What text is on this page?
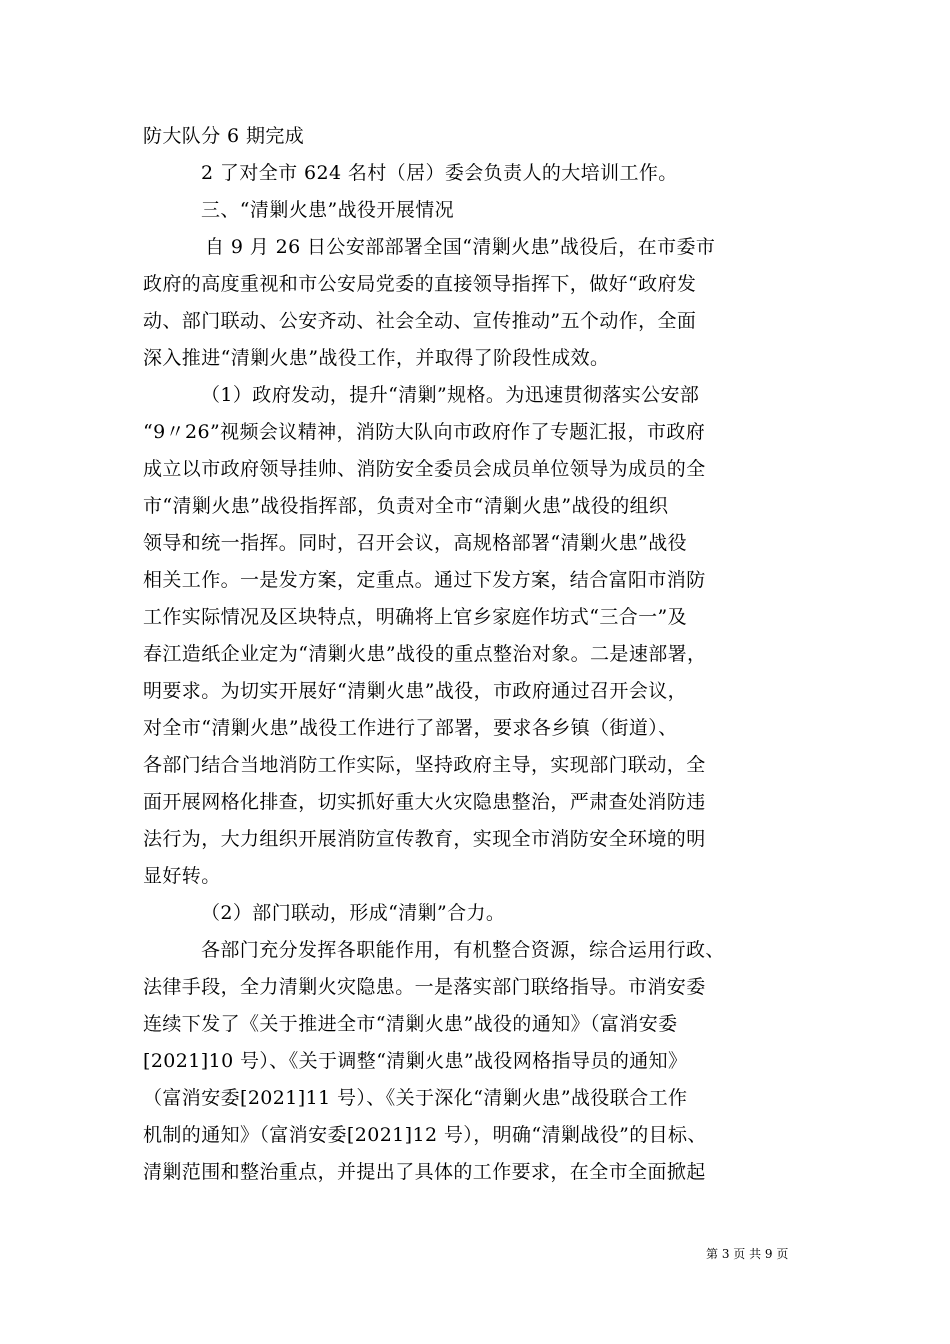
防大队分 6 期完成
2 了对全市 624 名村（居）委会负责人的大培训工作。
三、“清剿火患”战役开展情况
自 9 月 26 日公安部部署全国“清剿火患”战役后，在市委市
政府的高度重视和市公安局党委的直接领导指挥下，做好“政府发
动、部门联动、公安齐动、社会全动、宣传推动”五个动作，全面
深入推进“清剿火患”战役工作，并取得了阶段性成效。
（1）政府发动，提升“清剿”规格。为迅速贯彻落实公安部
“9〃26”视频会议精神，消防大队向市政府作了专题汇报，市政府
成立以市政府领导挂帅、消防安全委员会成员单位领导为成员的全
市“清剿火患”战役指挥部，负责对全市“清剿火患”战役的组织
领导和统一指挥。同时，召开会议，高规格部署“清剿火患”战役
相关工作。一是发方案，定重点。通过下发方案，结合富阳市消防
工作实际情况及区块特点，明确将上官乡家庭作坊式“三合一”及
春江造纸企业定为“清剿火患”战役的重点整治对象。二是速部署，
明要求。为切实开展好“清剿火患”战役，市政府通过召开会议，
对全市“清剿火患”战役工作进行了部署，要求各乡镇（街道）、
各部门结合当地消防工作实际，坚持政府主导，实现部门联动，全
面开展网格化排查，切实抓好重大火灾隐患整治，严肃查处消防违
法行为，大力组织开展消防宣传教育，实现全市消防安全环境的明
显好转。
（2）部门联动，形成“清剿”合力。
各部门充分发挥各职能作用，有机整合资源，综合运用行政、
法律手段，全力清剿火灾隐患。一是落实部门联络指导。市消安委
连续下发了《关于推进全市“清剿火患”战役的通知》（富消安委
[2021]10 号）、《关于调整“清剿火患”战役网格指导员的通知》
（富消安委[2021]11 号）、《关于深化“清剿火患”战役联合工作
机制的通知》（富消安委[2021]12 号），明确“清剿战役”的目标、
清剿范围和整治重点，并提出了具体的工作要求，在全市全面掀起
第 3 页 共 9 页
